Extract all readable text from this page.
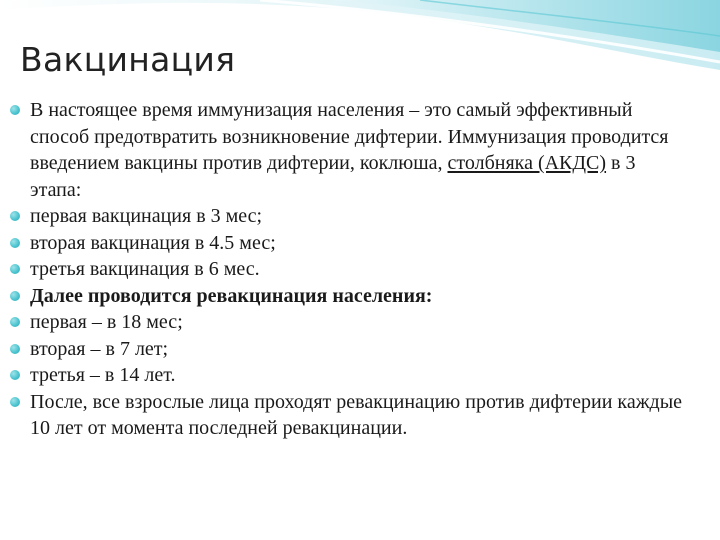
Вакцинация
В настоящее время иммунизация населения – это самый эффективный способ предотвратить возникновение дифтерии. Иммунизация проводится введением вакцины против дифтерии, коклюша, столбняка (АКДС) в 3 этапа:
первая вакцинация в 3 мес;
вторая вакцинация в 4.5 мес;
третья вакцинация в 6 мес.
Далее проводится ревакцинация населения:
первая – в 18 мес;
вторая – в 7 лет;
третья – в 14 лет.
После, все взрослые лица проходят ревакцинацию против дифтерии каждые 10 лет от момента последней ревакцинации.
